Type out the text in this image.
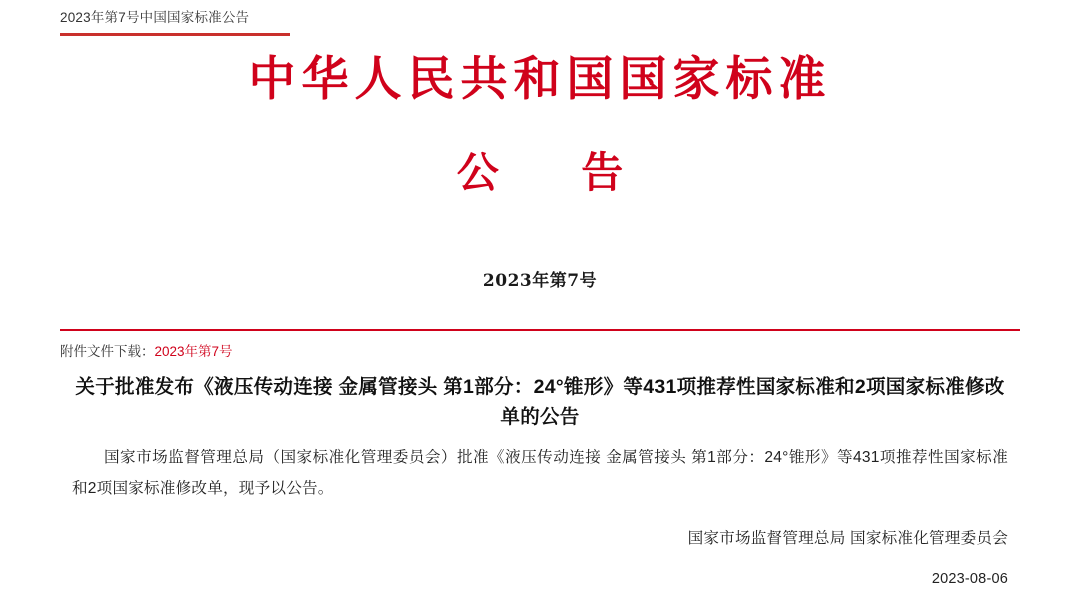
2023年第7号中国国家标准公告
中华人民共和国国家标准
公 告
2023年第7号
附件文件下载：2023年第7号
关于批准发布《液压传动连接 金属管接头 第1部分：24°锥形》等431项推荐性国家标准和2项国家标准修改单的公告
国家市场监督管理总局（国家标准化管理委员会）批准《液压传动连接 金属管接头 第1部分：24°锥形》等431项推荐性国家标准和2项国家标准修改单，现予以公告。
国家市场监督管理总局 国家标准化管理委员会
2023-08-06
